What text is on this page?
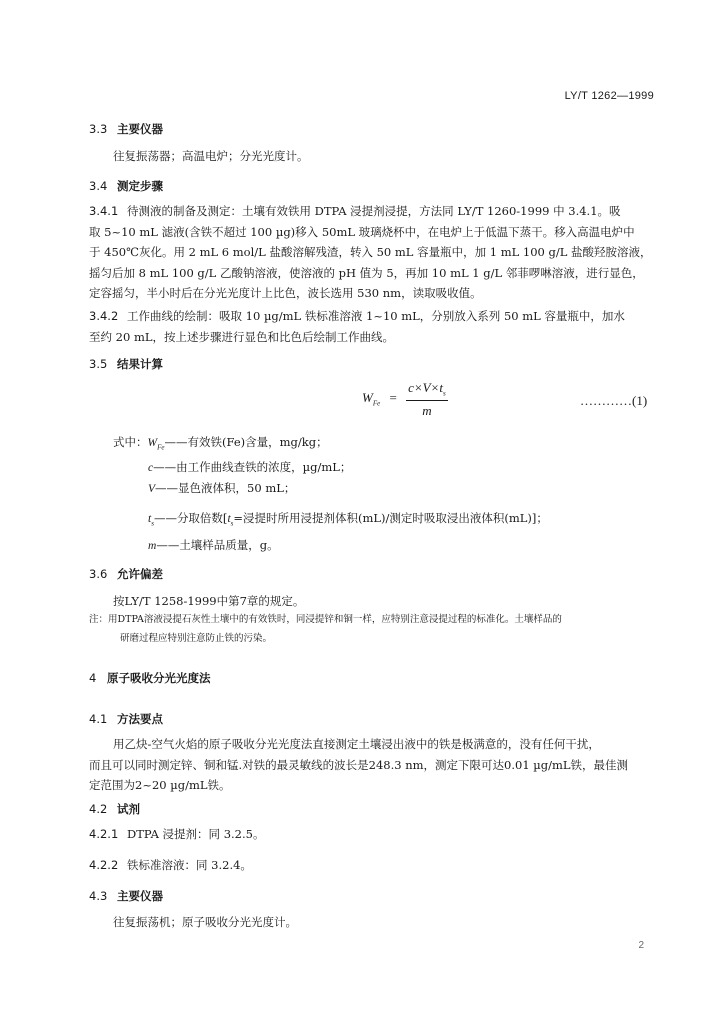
LY/T 1262—1999
3.3 主要仪器
往复振荡器；高温电炉；分光光度计。
3.4 测定步骤
3.4.1 待测液的制备及测定：土壤有效铁用 DTPA 浸提剂浸提，方法同 LY/T 1260-1999 中 3.4.1。吸
取 5~10 mL 滤液(含铁不超过 100 µg)移入 50mL 玻璃烧杯中，在电炉上于低温下蒸干。移入高温电炉中
于 450℃灰化。用 2 mL 6 mol/L 盐酸溶解残渣，转入 50 mL 容量瓶中，加 1 mL 100 g/L 盐酸羟胺溶液，
摇匀后加 8 mL 100 g/L 乙酸钠溶液，使溶液的 pH 值为 5，再加 10 mL 1 g/L 邻菲啰啉溶液，进行显色，
定容摇匀，半小时后在分光光度计上比色，波长选用 530 nm，读取吸收值。
3.4.2 工作曲线的绘制：吸取 10 µg/mL 铁标准溶液 1~10 mL，分别放入系列 50 mL 容量瓶中，加水
至约 20 mL，按上述步骤进行显色和比色后绘制工作曲线。
3.5 结果计算
$W_{Fe} = \frac{c\times V\times t_s}{m}$	…………(1)
式中：$W_{Fe}——$有效铁(Fe)含量，mg/kg；
c——由工作曲线查铁的浓度，µg/mL；
V——显色液体积，50 mL；
$t_s——$分取倍数[$t_s=$浸提时所用浸提剂体积(mL)/测定时吸取浸出液体积(mL)]；
m——土壤样品质量，g。
3.6 允许偏差
按LY/T 1258-1999中第7章的规定。
注：用DTPA溶液浸提石灰性土壤中的有效铁时，同浸提锌和铜一样，应特别注意浸提过程的标准化。土壤样品的
研磨过程应特别注意防止铁的污染。
4 原子吸收分光光度法
4.1 方法要点
用乙炔-空气火焰的原子吸收分光光度法直接测定土壤浸出液中的铁是极满意的，没有任何干扰，
而且可以同时测定锌、铜和锰.对铁的最灵敏线的波长是248.3 nm，测定下限可达0.01 µg/mL铁，最佳测
定范围为2~20 µg/mL铁。
4.2 试剂
4.2.1 DTPA 浸提剂：同 3.2.5。
4.2.2 铁标准溶液：同 3.2.4。
4.3 主要仪器
往复振荡机；原子吸收分光光度计。
2
